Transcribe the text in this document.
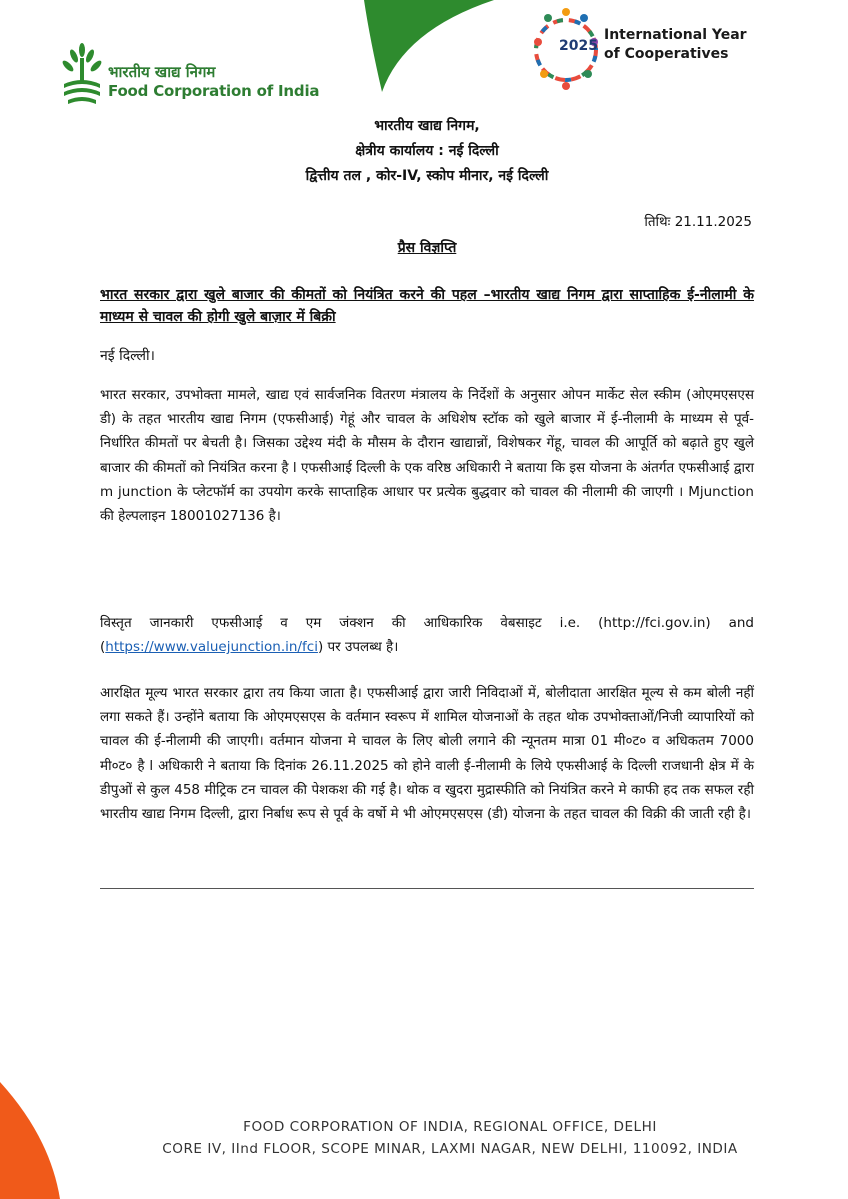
भारतीय खाद्य निगम
Food Corporation of India
2025
International Year of Cooperatives
भारतीय खाद्य निगम,
क्षेत्रीय कार्यालय : नई दिल्ली
द्वित्तीय तल , कोर-IV, स्कोप मीनार, नई दिल्ली
तिथिः 21.11.2025
प्रैस विज्ञप्ति
भारत सरकार द्वारा खुले बाजार की कीमतों को नियंत्रित करने की पहल –भारतीय खाद्य निगम द्वारा साप्ताहिक ई-नीलामी के माध्यम से चावल की होगी खुले बाज़ार में बिक्री
नई दिल्ली।
भारत सरकार, उपभोक्ता मामले, खाद्य एवं सार्वजनिक वितरण मंत्रालय के निर्देशों के अनुसार ओपन मार्केट सेल स्कीम (ओएमएसएस डी) के तहत भारतीय खाद्य निगम (एफसीआई) गेहूं और चावल के अधिशेष स्टॉक को खुले बाजार में ई-नीलामी के माध्यम से पूर्व-निर्धारित कीमतों पर बेचती है। जिसका उद्देश्य मंदी के मौसम के दौरान खाद्यान्नों, विशेषकर गेंहू, चावल की आपूर्ति को बढ़ाते हुए खुले बाजार की कीमतों को नियंत्रित करना है l एफसीआई दिल्ली के एक वरिष्ठ अधिकारी ने बताया कि इस योजना के अंतर्गत एफसीआई द्वारा m junction के प्लेटफॉर्म का उपयोग करके साप्ताहिक आधार पर प्रत्येक बुद्धवार को चावल की नीलामी की जाएगी । Mjunction की हेल्पलाइन 18001027136 है।
विस्तृत जानकारी एफसीआई व एम जंक्शन की आधिकारिक वेबसाइट i.e. (http://fci.gov.in) and (https://www.valuejunction.in/fci) पर उपलब्ध है।
आरक्षित मूल्य भारत सरकार द्वारा तय किया जाता है। एफसीआई द्वारा जारी निविदाओं में, बोलीदाता आरक्षित मूल्य से कम बोली नहीं लगा सकते हैं। उन्होंने बताया कि ओएमएसएस के वर्तमान स्वरूप में शामिल योजनाओं के तहत थोक उपभोक्ताओं/निजी व्यापारियों को चावल की ई-नीलामी की जाएगी। वर्तमान योजना मे चावल के लिए बोली लगाने की न्यूनतम मात्रा 01 मी०ट० व अधिकतम 7000 मी०ट० है l अधिकारी ने बताया कि दिनांक 26.11.2025 को होने वाली ई-नीलामी के लिये एफसीआई के दिल्ली राजधानी क्षेत्र में के डीपुओं से कुल 458 मीट्रिक टन चावल की पेशकश की गई है। थोक व खुदरा मुद्रास्फीति को नियंत्रित करने मे काफी हद तक सफल रही भारतीय खाद्य निगम दिल्ली, द्वारा निर्बाध रूप से पूर्व के वर्षो मे भी ओएमएसएस (डी) योजना के तहत चावल की विक्री की जाती रही है।
FOOD CORPORATION OF INDIA, REGIONAL OFFICE, DELHI
CORE IV, IInd FLOOR, SCOPE MINAR, LAXMI NAGAR, NEW DELHI, 110092, INDIA
